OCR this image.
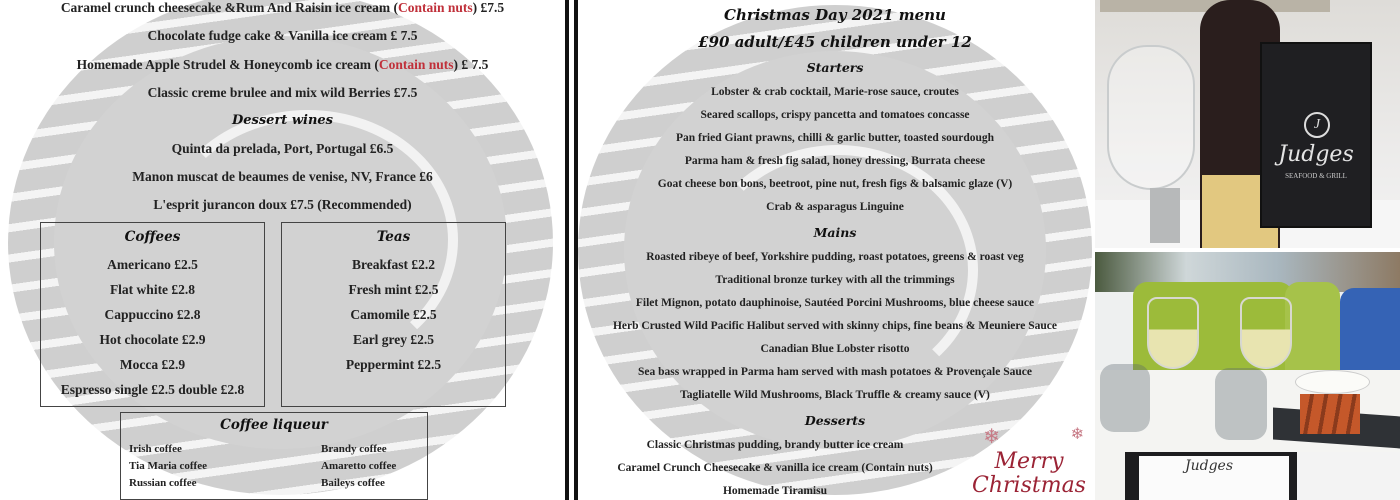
Caramel crunch cheesecake &Rum And Raisin ice cream (Contain nuts) £7.5
Chocolate fudge cake & Vanilla ice cream £ 7.5
Homemade Apple Strudel & Honeycomb ice cream (Contain nuts) £ 7.5
Classic creme brulee and mix wild Berries £7.5
Dessert wines
Quinta da prelada, Port, Portugal £6.5
Manon muscat de beaumes de venise, NV, France £6
L'esprit jurancon doux £7.5 (Recommended)
Coffees
Americano £2.5
Flat white £2.8
Cappuccino £2.8
Hot chocolate £2.9
Mocca £2.9
Espresso single £2.5 double £2.8
Teas
Breakfast £2.2
Fresh mint £2.5
Camomile £2.5
Earl grey £2.5
Peppermint £2.5
Coffee liqueur
Irish coffee
Tia Maria coffee
Russian coffee
Brandy coffee
Amaretto coffee
Baileys coffee
Christmas Day 2021 menu
£90 adult/£45 children under 12
Starters
Lobster & crab cocktail, Marie-rose sauce, croutes
Seared scallops, crispy pancetta and tomatoes concasse
Pan fried Giant prawns, chilli & garlic butter, toasted sourdough
Parma ham & fresh fig salad, honey dressing, Burrata cheese
Goat cheese bon bons, beetroot, pine nut, fresh figs & balsamic glaze (V)
Crab & asparagus Linguine
Mains
Roasted ribeye of beef, Yorkshire pudding, roast potatoes, greens & roast veg
Traditional bronze turkey with all the trimmings
Filet Mignon, potato dauphinoise, Sautéed Porcini Mushrooms, blue cheese sauce
Herb Crusted Wild Pacific Halibut served with skinny chips, fine beans & Meuniere Sauce
Canadian Blue Lobster risotto
Sea bass wrapped in Parma ham served with mash potatoes & Provençale Sauce
Tagliatelle Wild Mushrooms, Black Truffle & creamy sauce (V)
Desserts
Classic Christmas pudding, brandy butter ice cream
Caramel Crunch Cheesecake & vanilla ice cream (Contain nuts)
Homemade Tiramisu
❄	❄
Merry Christmas
J
Judges
SEAFOOD & GRILL
Judges
